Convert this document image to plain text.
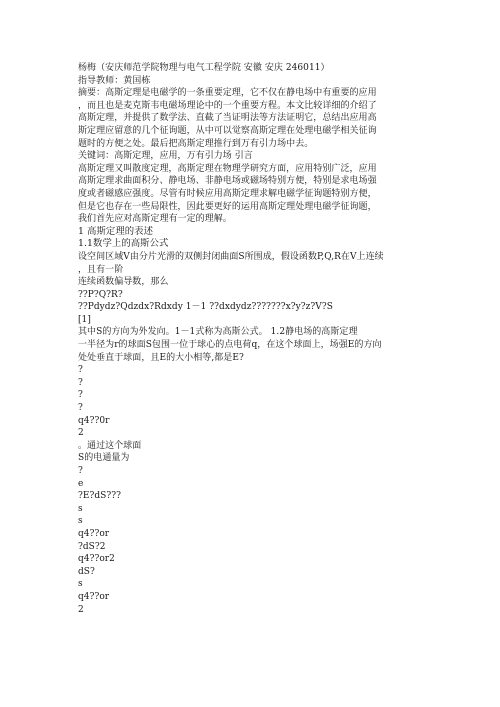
杨梅（安庆师范学院物理与电气工程学院 安徽 安庆 246011）
指导教师：黄国栋
摘要：高斯定理是电磁学的一条重要定理，它不仅在静电场中有重要的应用
，而且也是麦克斯韦电磁场理论中的一个重要方程。本文比较详细的介绍了
高斯定理，并提供了数学法、直截了当证明法等方法证明它，总结出应用高
斯定理应留意的几个征询题，从中可以觉察高斯定理在处理电磁学相关征询
题时的方便之处。最后把高斯定理推行到万有引力场中去。
关键词：高斯定理，应用，万有引力场 引言
高斯定理又叫散度定理，高斯定理在物理学研究方面，应用特别广泛，应用
高斯定理求曲面积分、静电场、非静电场或磁场特别方便，特别是求电场强
度或者磁感应强度。尽管有时候应用高斯定理求解电磁学征询题特别方便，
但是它也存在一些局限性，因此要更好的运用高斯定理处理电磁学征询题，
我们首先应对高斯定理有一定的理解。
1 高斯定理的表述
1.1数学上的高斯公式
设空间区域V由分片光滑的双侧封闭曲面S所围成，假设函数P,Q,R在V上连续
，且有一阶
连续函数偏导数，那么
??P?Q?R?
??Pdydz?Qdzdx?Rdxdy 1－1 ??dxdydz???????x?y?z?V?S
[1]
其中S的方向为外发向。1－1式称为高斯公式。 1.2静电场的高斯定理
一半径为r的球面S包围一位于球心的点电荷q，在这个球面上，场强E的方向
处处垂直于球面，且E的大小相等,都是E?
?
?
?
?
q4??0r
2
。通过这个球面
S的电通量为
?
e
?E?dS???
s
s
q4??or
?dS?2
q4??or2
dS?
s
q4??or
2
